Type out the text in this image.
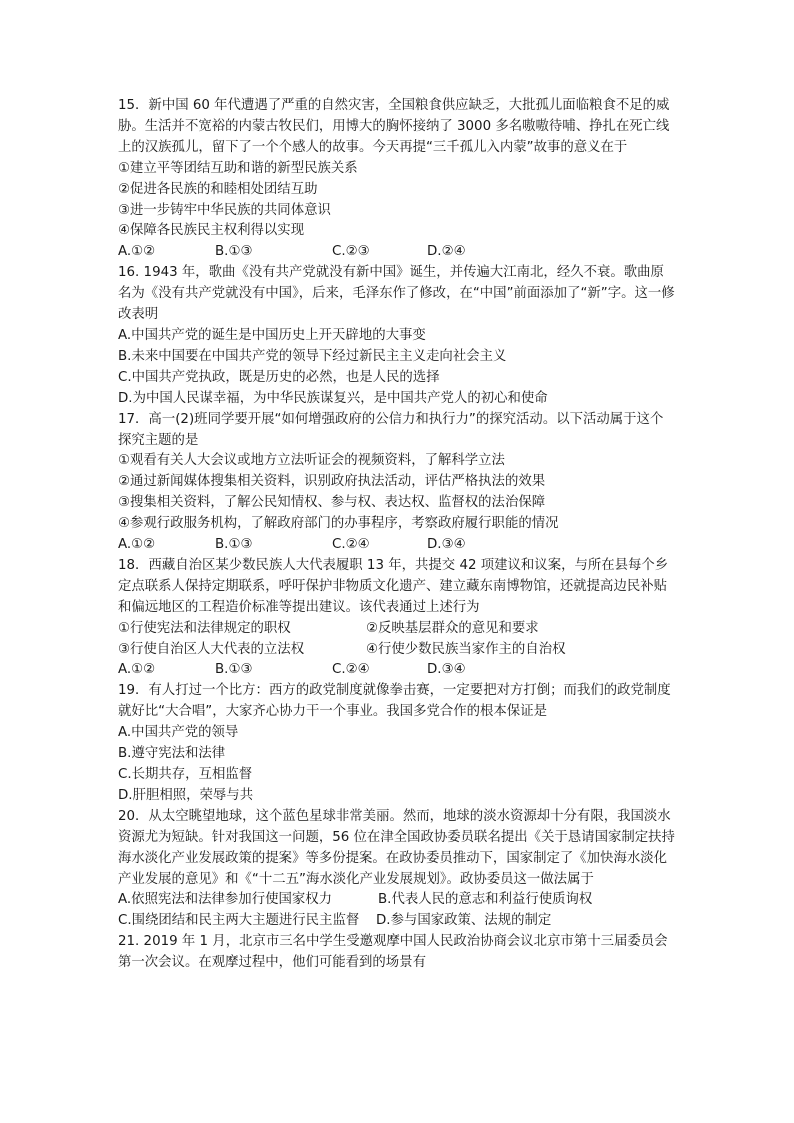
15．新中国 60 年代遭遇了严重的自然灾害，全国粮食供应缺乏，大批孤儿面临粮食不足的威胁。生活并不宽裕的内蒙古牧民们，用博大的胸怀接纳了 3000 多名嗷嗷待哺、挣扎在死亡线上的汉族孤儿，留下了一个个感人的故事。今天再提“三千孤儿入内蒙”故事的意义在于

①建立平等团结互助和谐的新型民族关系

②促进各民族的和睦相处团结互助

③进一步铸牢中华民族的共同体意识

④保障各民族民主权利得以实现

A.①②	B.①③	C.②③	D.②④

16. 1943 年，歌曲《没有共产党就没有新中国》诞生，并传遍大江南北，经久不衰。歌曲原名为《没有共产党就没有中国》，后来，毛泽东作了修改，在“中国”前面添加了“新”字。这一修改表明

A.中国共产党的诞生是中国历史上开天辟地的大事变

B.未来中国要在中国共产党的领导下经过新民主主义走向社会主义

C.中国共产党执政，既是历史的必然，也是人民的选择

D.为中国人民谋幸福，为中华民族谋复兴，是中国共产党人的初心和使命

17．高一(2)班同学要开展“如何增强政府的公信力和执行力”的探究活动。以下活动属于这个探究主题的是

①观看有关人大会议或地方立法听证会的视频资料，了解科学立法

②通过新闻媒体搜集相关资料，识别政府执法活动，评估严格执法的效果

③搜集相关资料，了解公民知情权、参与权、表达权、监督权的法治保障

④参观行政服务机构，了解政府部门的办事程序，考察政府履行职能的情况

A.①②	B.①③	C.②④	D.③④

18．西藏自治区某少数民族人大代表履职 13 年，共提交 42 项建议和议案，与所在县每个乡定点联系人保持定期联系，呼吁保护非物质文化遗产、建立藏东南博物馆，还就提高边民补贴和偏远地区的工程造价标准等提出建议。该代表通过上述行为

①行使宪法和法律规定的职权	②反映基层群众的意见和要求
③行使自治区人大代表的立法权	④行使少数民族当家作主的自治权
A.①②	B.①③	C.②④	D.③④

19．有人打过一个比方：西方的政党制度就像拳击赛，一定要把对方打倒；而我们的政党制度就好比“大合唱”，大家齐心协力干一个事业。我国多党合作的根本保证是

A.中国共产党的领导

B.遵守宪法和法律

C.长期共存，互相监督

D.肝胆相照，荣辱与共

20．从太空眺望地球，这个蓝色星球非常美丽。然而，地球的淡水资源却十分有限，我国淡水资源尤为短缺。针对我国这一问题，56 位在津全国政协委员联名提出《关于恳请国家制定扶持海水淡化产业发展政策的提案》等多份提案。在政协委员推动下，国家制定了《加快海水淡化产业发展的意见》和《“十二五”海水淡化产业发展规划》。政协委员这一做法属于

A.依照宪法和法律参加行使国家权力	B.代表人民的意志和利益行使质询权
C.围绕团结和民主两大主题进行民主监督	D.参与国家政策、法规的制定

21. 2019 年 1 月，北京市三名中学生受邀观摩中国人民政治协商会议北京市第十三届委员会第一次会议。在观摩过程中，他们可能看到的场景有
